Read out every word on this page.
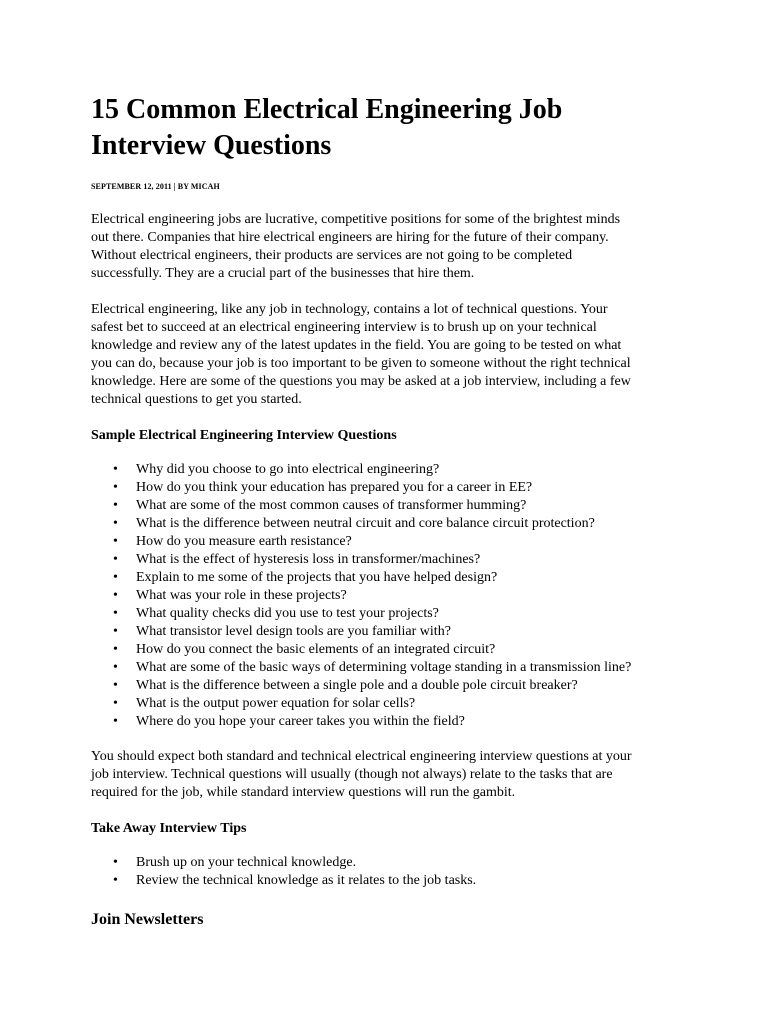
15 Common Electrical Engineering Job
Interview Questions
SEPTEMBER 12, 2011 | BY MICAH

Electrical engineering jobs are lucrative, competitive positions for some of the brightest minds
out there. Companies that hire electrical engineers are hiring for the future of their company.
Without electrical engineers, their products are services are not going to be completed
successfully. They are a crucial part of the businesses that hire them.

Electrical engineering, like any job in technology, contains a lot of technical questions. Your
safest bet to succeed at an electrical engineering interview is to brush up on your technical
knowledge and review any of the latest updates in the field. You are going to be tested on what
you can do, because your job is too important to be given to someone without the right technical
knowledge. Here are some of the questions you may be asked at a job interview, including a few
technical questions to get you started.

Sample Electrical Engineering Interview Questions
• Why did you choose to go into electrical engineering?
• How do you think your education has prepared you for a career in EE?
• What are some of the most common causes of transformer humming?
• What is the difference between neutral circuit and core balance circuit protection?
• How do you measure earth resistance?
• What is the effect of hysteresis loss in transformer/machines?
• Explain to me some of the projects that you have helped design?
• What was your role in these projects?
• What quality checks did you use to test your projects?
• What transistor level design tools are you familiar with?
• How do you connect the basic elements of an integrated circuit?
• What are some of the basic ways of determining voltage standing in a transmission line?
• What is the difference between a single pole and a double pole circuit breaker?
• What is the output power equation for solar cells?
• Where do you hope your career takes you within the field?

You should expect both standard and technical electrical engineering interview questions at your
job interview. Technical questions will usually (though not always) relate to the tasks that are
required for the job, while standard interview questions will run the gambit.

Take Away Interview Tips
• Brush up on your technical knowledge.
• Review the technical knowledge as it relates to the job tasks.
Join Newsletters
